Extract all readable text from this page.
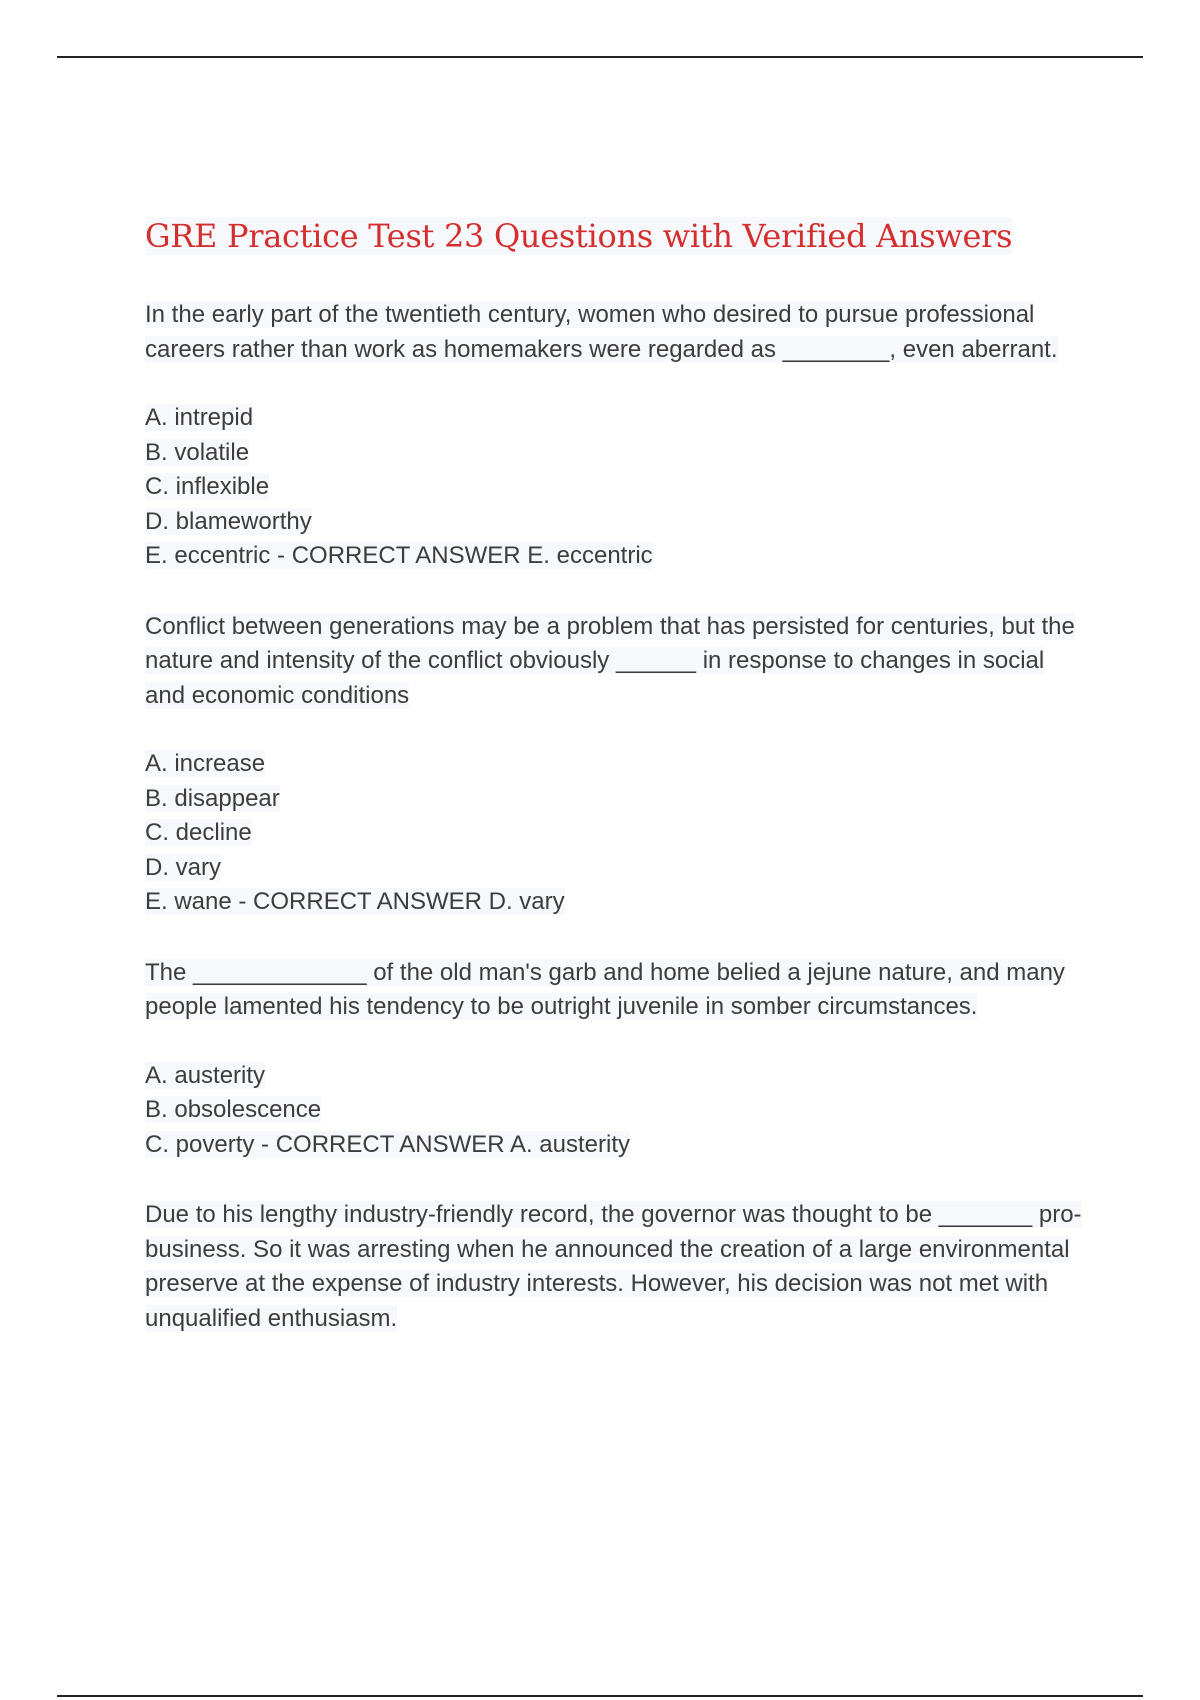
GRE Practice Test 23 Questions with Verified Answers

In the early part of the twentieth century, women who desired to pursue professional careers rather than work as homemakers were regarded as ________, even aberrant.

A. intrepid
B. volatile
C. inflexible
D. blameworthy
E. eccentric - CORRECT ANSWER E. eccentric

Conflict between generations may be a problem that has persisted for centuries, but the nature and intensity of the conflict obviously ______ in response to changes in social and economic conditions

A. increase
B. disappear
C. decline
D. vary
E. wane - CORRECT ANSWER D. vary

The _____________ of the old man's garb and home belied a jejune nature, and many people lamented his tendency to be outright juvenile in somber circumstances.

A. austerity
B. obsolescence
C. poverty - CORRECT ANSWER A. austerity

Due to his lengthy industry-friendly record, the governor was thought to be _______ pro-business. So it was arresting when he announced the creation of a large environmental preserve at the expense of industry interests. However, his decision was not met with unqualified enthusiasm.
